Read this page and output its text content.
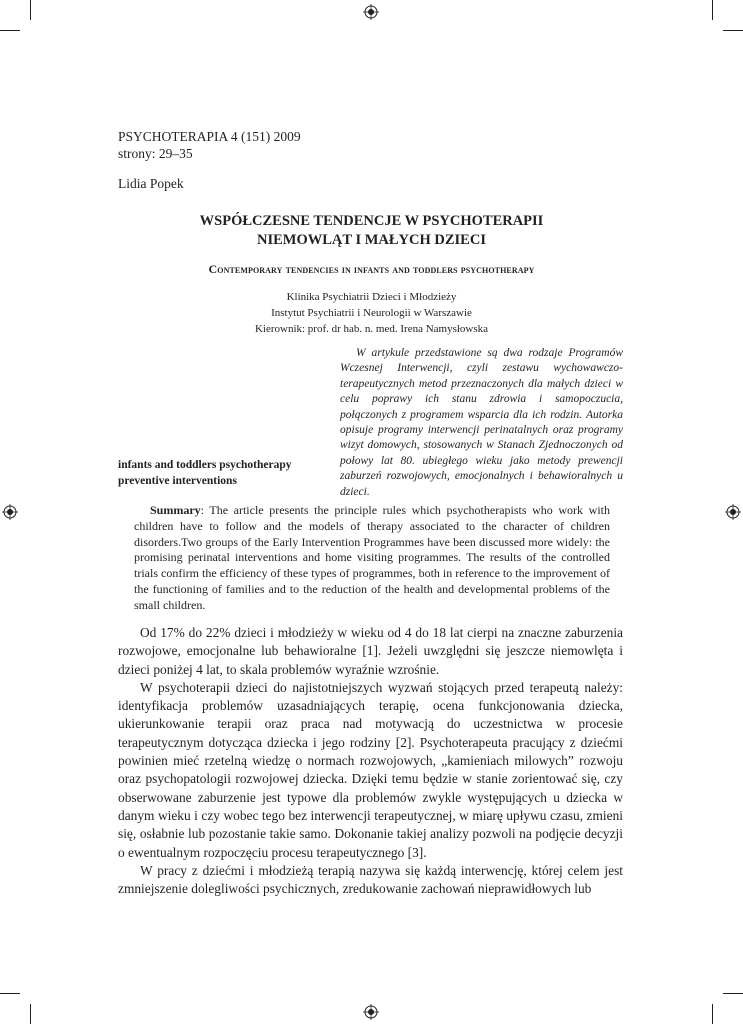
PSYCHOTERAPIA 4 (151) 2009
strony: 29–35
Lidia Popek
WSPÓŁCZESNE TENDENCJE W PSYCHOTERAPII
NIEMOWLĄT I MAŁYCH DZIECI
Contemporary tendencies in infants and toddlers psychotherapy
Klinika Psychiatrii Dzieci i Młodzieży
Instytut Psychiatrii i Neurologii w Warszawie
Kierownik: prof. dr hab. n. med. Irena Namysłowska
W artykule przedstawione są dwa rodzaje Programów Wczesnej Interwencji, czyli zestawu wychowawczo-terapeutycznych metod przeznaczonych dla małych dzieci w celu poprawy ich stanu zdrowia i samopoczucia, połączonych z programem wsparcia dla ich rodzin. Autorka opisuje programy interwencji perinatalnych oraz programy wizyt domowych, stosowanych w Stanach Zjednoczonych od połowy lat 80. ubiegłego wieku jako metody prewencji zaburzeń rozwojowych, emocjonalnych i behawioralnych u dzieci.
infants and toddlers psychotherapy
preventive interventions
Summary: The article presents the principle rules which psychotherapists who work with children have to follow and the models of therapy associated to the character of children disorders.Two groups of the Early Intervention Programmes have been discussed more widely: the promising perinatal interventions and home visiting programmes. The results of the controlled trials confirm the efficiency of these types of programmes, both in reference to the improvement of the functioning of families and to the reduction of the health and developmental problems of the small children.

Od 17% do 22% dzieci i młodzieży w wieku od 4 do 18 lat cierpi na znaczne zaburzenia rozwojowe, emocjonalne lub behawioralne [1]. Jeżeli uwzględni się jeszcze niemowlęta i dzieci poniżej 4 lat, to skala problemów wyraźnie wzrośnie.

W psychoterapii dzieci do najistotniejszych wyzwań stojących przed terapeutą należy: identyfikacja problemów uzasadniających terapię, ocena funkcjonowania dziecka, ukierunkowanie terapii oraz praca nad motywacją do uczestnictwa w procesie terapeutycznym dotycząca dziecka i jego rodziny [2]. Psychoterapeuta pracujący z dziećmi powinien mieć rzetelną wiedzę o normach rozwojowych, „kamieniach milowych” rozwoju oraz psychopatologii rozwojowej dziecka. Dzięki temu będzie w stanie zorientować się, czy obserwowane zaburzenie jest typowe dla problemów zwykle występujących u dziecka w danym wieku i czy wobec tego bez interwencji terapeutycznej, w miarę upływu czasu, zmieni się, osłabnie lub pozostanie takie samo. Dokonanie takiej analizy pozwoli na podjęcie decyzji o ewentualnym rozpoczęciu procesu terapeutycznego [3].

W pracy z dziećmi i młodzieżą terapią nazywa się każdą interwencję, której celem jest zmniejszenie dolegliwości psychicznych, zredukowanie zachowań nieprawidłowych lub
